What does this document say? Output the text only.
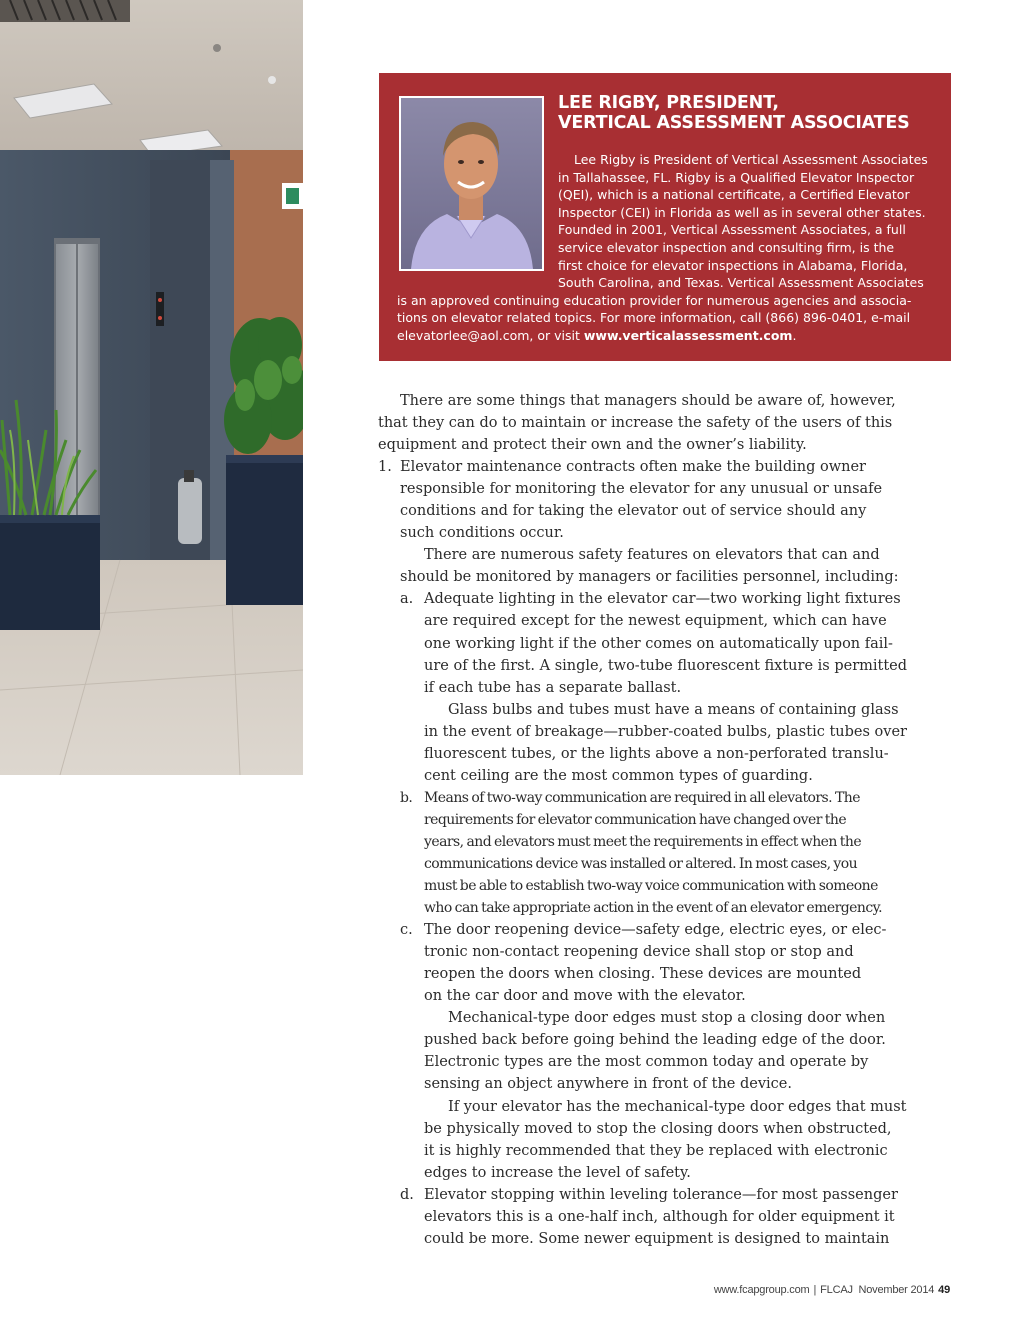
LEE RIGBY, PRESIDENT,
VERTICAL ASSESSMENT ASSOCIATES
Lee Rigby is President of Vertical Assessment Associates
in Tallahassee, FL. Rigby is a Qualified Elevator Inspector
(QEI), which is a national certificate, a Certified Elevator
Inspector (CEI) in Florida as well as in several other states.
Founded in 2001, Vertical Assessment Associates, a full
service elevator inspection and consulting firm, is the
first choice for elevator inspections in Alabama, Florida,
South Carolina, and Texas. Vertical Assessment Associates
is an approved continuing education provider for numerous agencies and associa-
tions on elevator related topics. For more information, call (866) 896-0401, e-mail
elevatorlee@aol.com, or visit www.verticalassessment.com.
There are some things that managers should be aware of, however,
that they can do to maintain or increase the safety of the users of this
equipment and protect their own and the owner’s liability.
1. Elevator maintenance contracts often make the building owner
responsible for monitoring the elevator for any unusual or unsafe
conditions and for taking the elevator out of service should any
such conditions occur.
There are numerous safety features on elevators that can and
should be monitored by managers or facilities personnel, including:
a. Adequate lighting in the elevator car—two working light fixtures
are required except for the newest equipment, which can have
one working light if the other comes on automatically upon fail-
ure of the first. A single, two-tube fluorescent fixture is permitted
if each tube has a separate ballast.
Glass bulbs and tubes must have a means of containing glass
in the event of breakage—rubber-coated bulbs, plastic tubes over
fluorescent tubes, or the lights above a non-perforated translu-
cent ceiling are the most common types of guarding.
b. Means of two-way communication are required in all elevators. The
requirements for elevator communication have changed over the
years, and elevators must meet the requirements in effect when the
communications device was installed or altered. In most cases, you
must be able to establish two-way voice communication with someone
who can take appropriate action in the event of an elevator emergency.
c. The door reopening device—safety edge, electric eyes, or elec-
tronic non-contact reopening device shall stop or stop and
reopen the doors when closing. These devices are mounted
on the car door and move with the elevator.
Mechanical-type door edges must stop a closing door when
pushed back before going behind the leading edge of the door.
Electronic types are the most common today and operate by
sensing an object anywhere in front of the device.
If your elevator has the mechanical-type door edges that must
be physically moved to stop the closing doors when obstructed,
it is highly recommended that they be replaced with electronic
edges to increase the level of safety.
d. Elevator stopping within leveling tolerance—for most passenger
elevators this is a one-half inch, although for older equipment it
could be more. Some newer equipment is designed to maintain
www.fcapgroup.com | FLCAJ November 2014 49
